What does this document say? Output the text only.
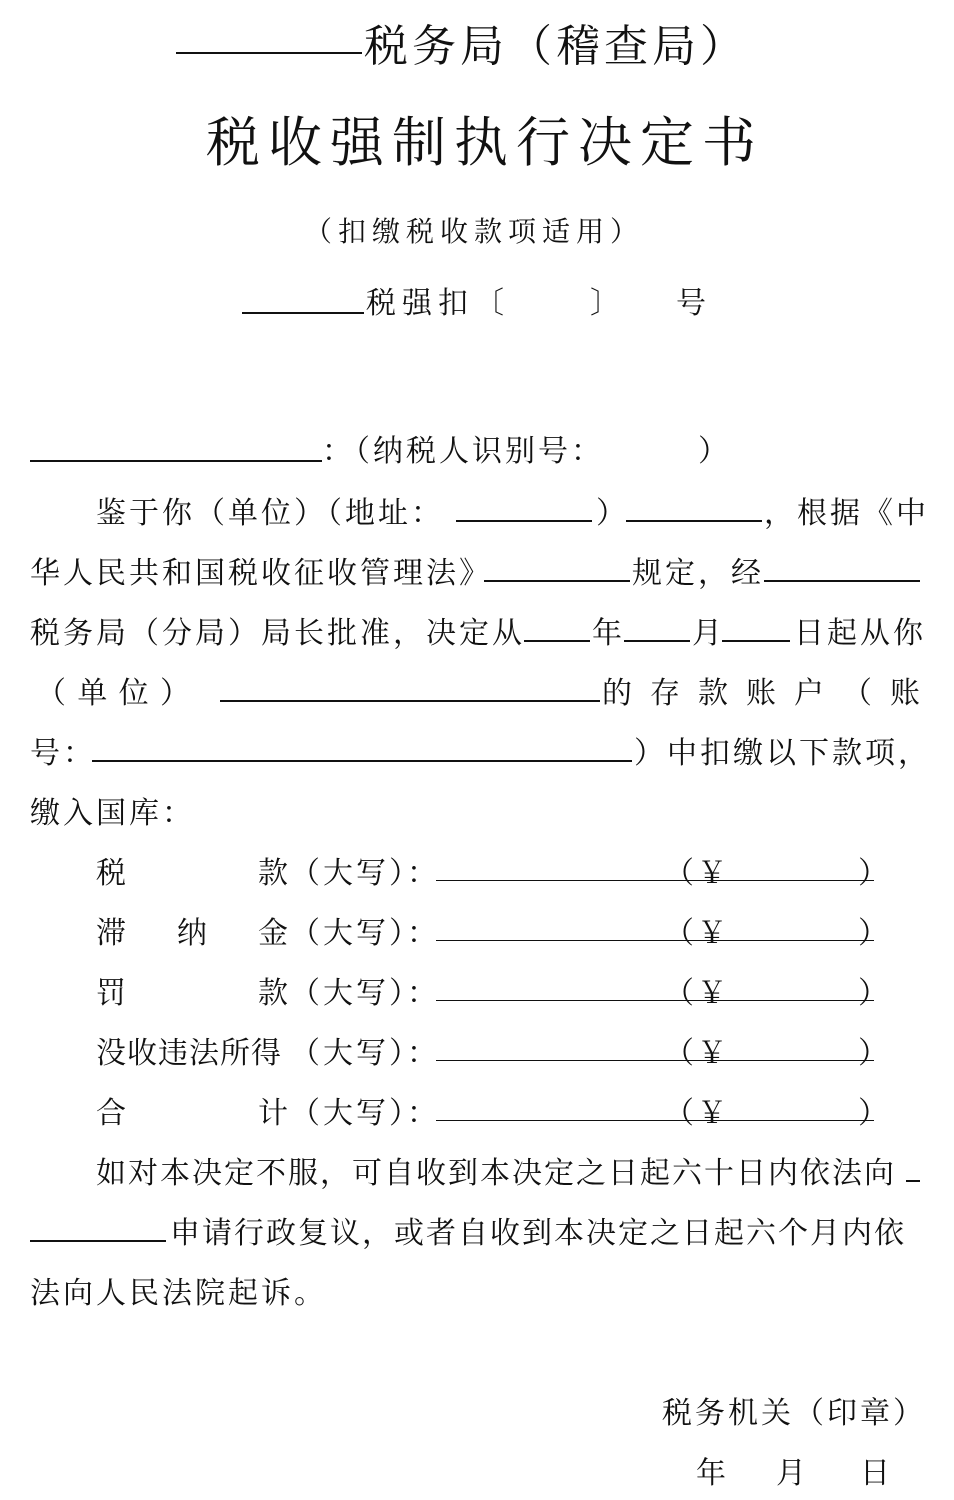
税务局（稽查局）
税收强制执行决定书
（扣缴税收款项适用）
税强扣〔	〕 号
：（纳税人识别号：	）
鉴于你（单位）（地址：	）	，根据《中
华人民共和国税收征收管理法》	规定，经
税务局（分局）局长批准，决定从 年 月 日起从你
（ 单 位 ）	的 存 款 账 户 （ 账
号：	）中扣缴以下款项，
缴入国库：
税	款 （大写）：	（￥	）
滞 纳 金 （大写）：	（￥	）
罚	款 （大写）：	（￥	）
没收违法所得 （大写）：	（￥	）
合	计 （大写）：	（￥	）
如对本决定不服，可自收到本决定之日起六十日内依法向
申请行政复议，或者自收到本决定之日起六个月内依
法向人民法院起诉。
税务机关（印章）
年 月 日
